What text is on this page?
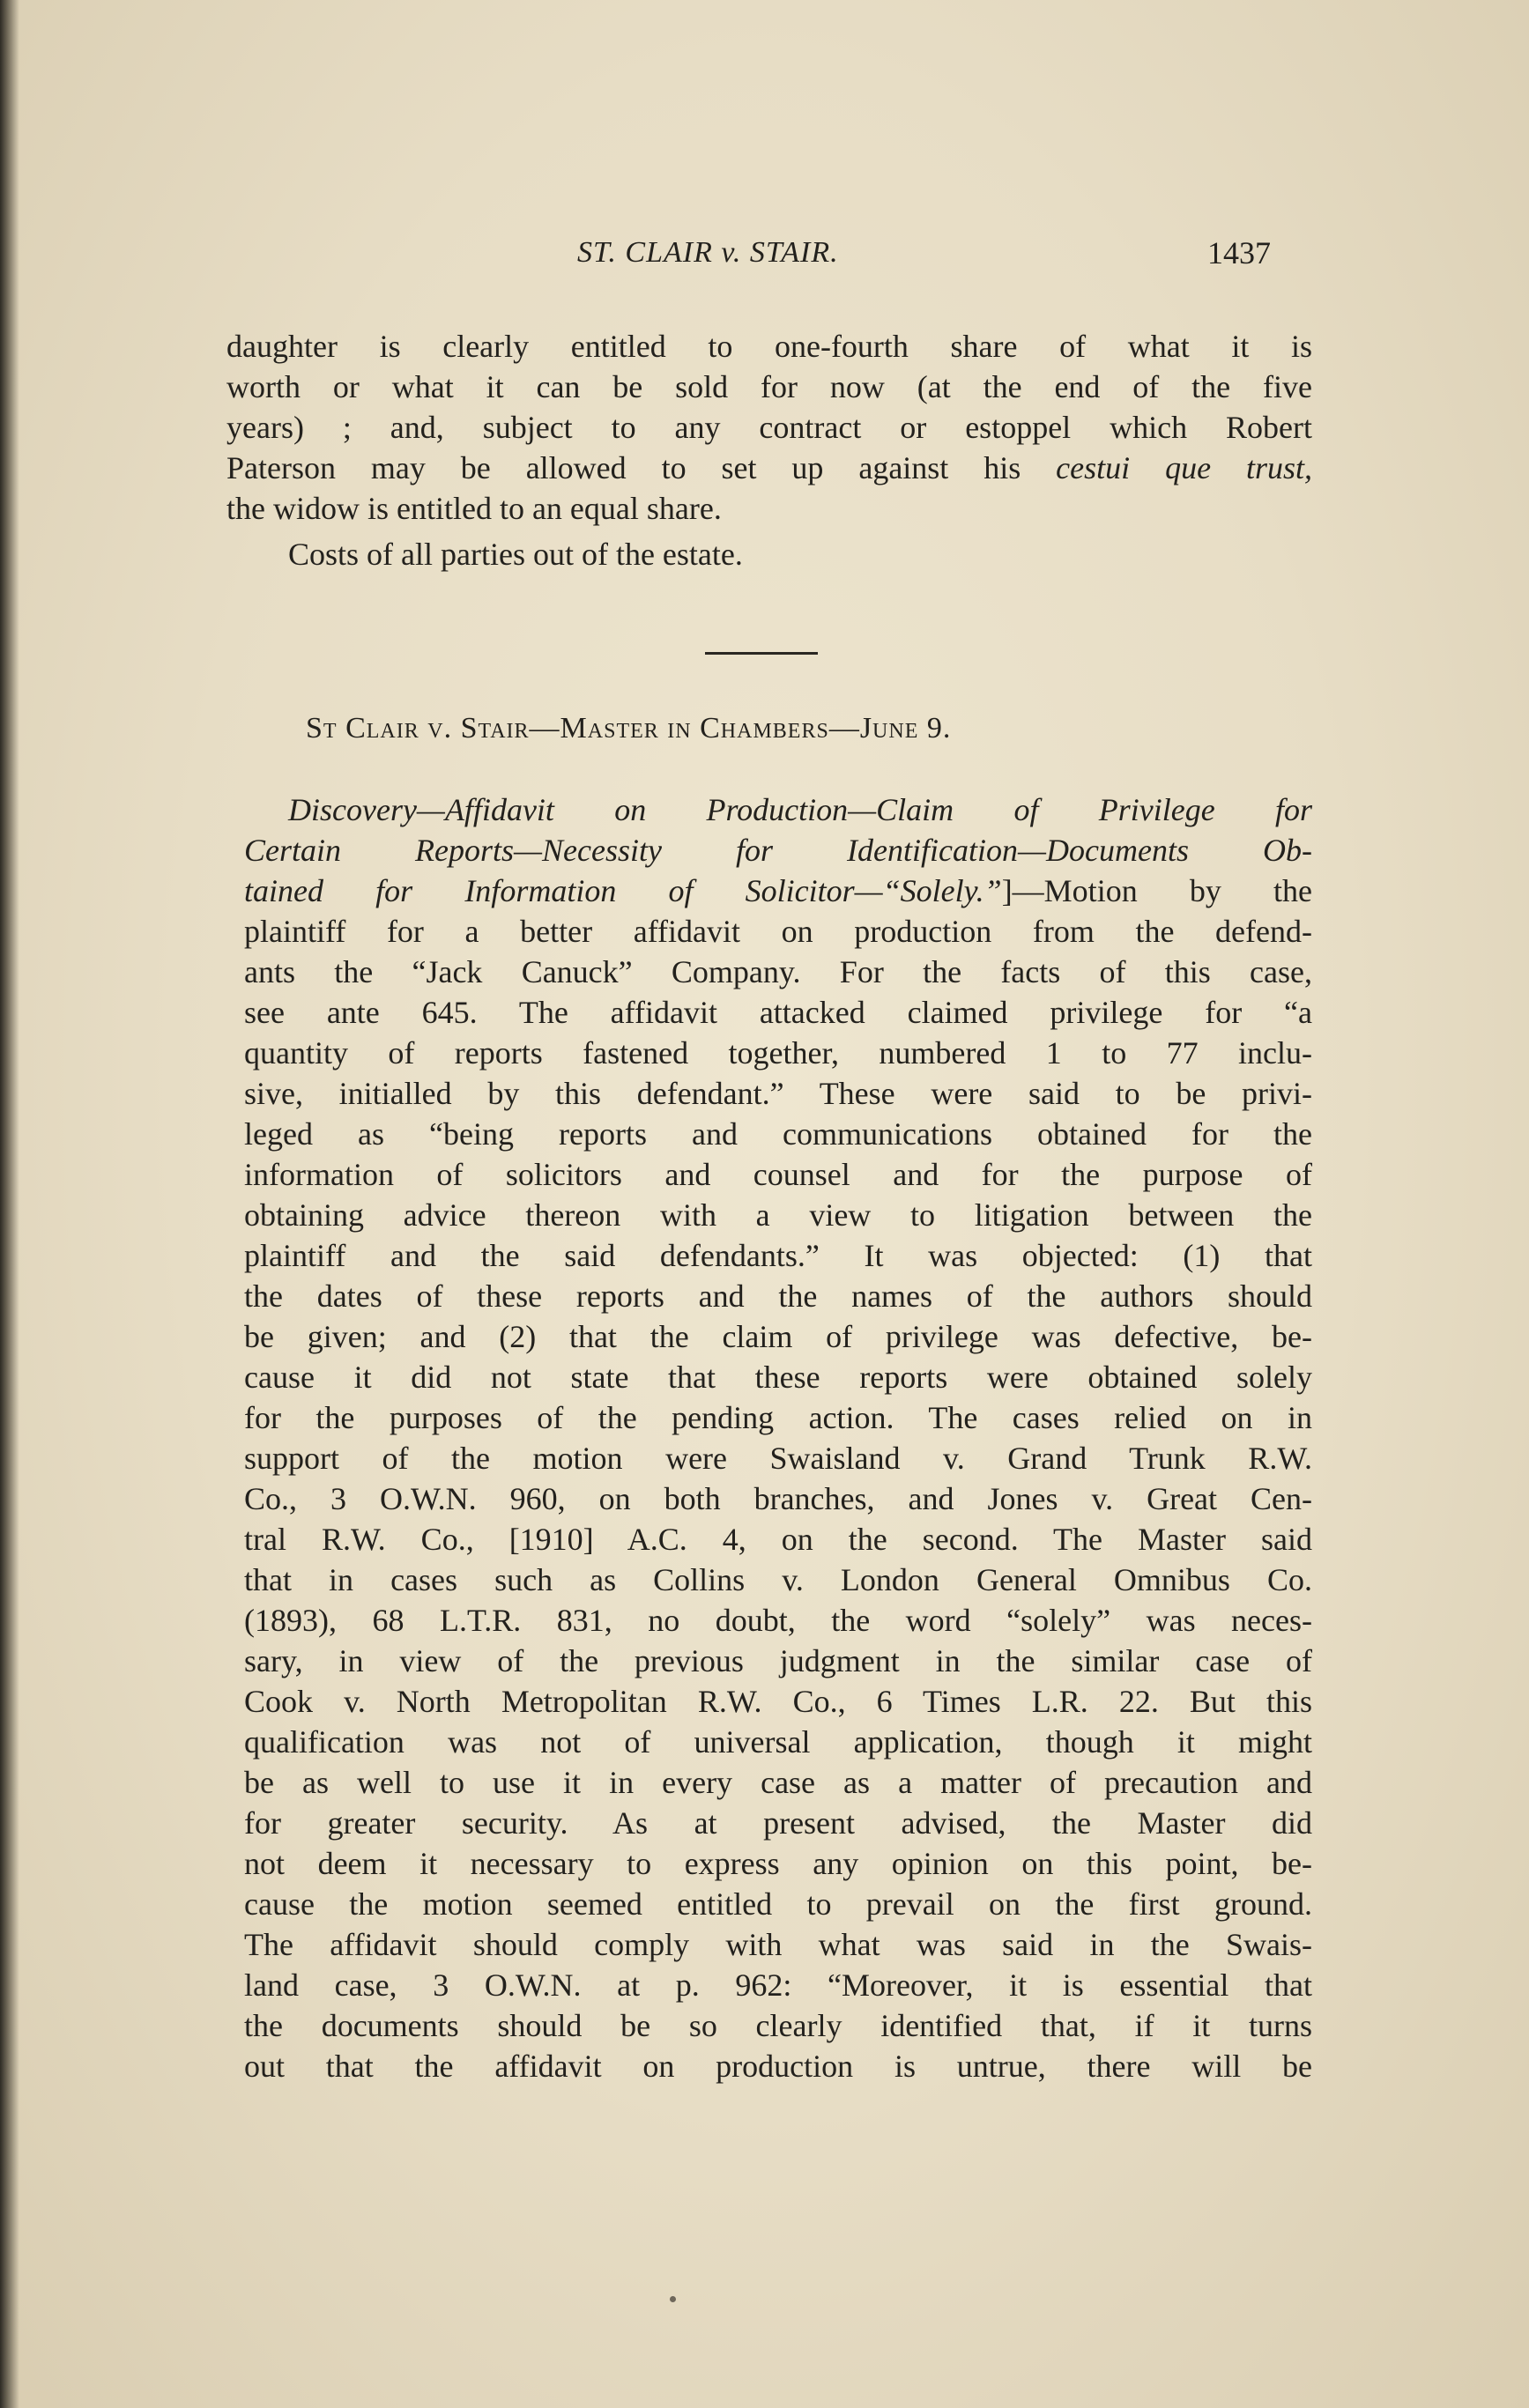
ST. CLAIR v. STAIR.	1437
daughter is clearly entitled to one-fourth share of what it is
worth or what it can be sold for now (at the end of the five
years) ; and, subject to any contract or estoppel which Robert
Paterson may be allowed to set up against his cestui que trust,
the widow is entitled to an equal share.
Costs of all parties out of the estate.
St Clair v. Stair—Master in Chambers—June 9.
Discovery—Affidavit on Production—Claim of Privilege for
Certain Reports—Necessity for Identification—Documents Ob-
tained for Information of Solicitor—“Solely.”]—Motion by the
plaintiff for a better affidavit on production from the defend-
ants the “Jack Canuck” Company. For the facts of this case,
see ante 645. The affidavit attacked claimed privilege for “a
quantity of reports fastened together, numbered 1 to 77 inclu-
sive, initialled by this defendant.” These were said to be privi-
leged as “being reports and communications obtained for the
information of solicitors and counsel and for the purpose of
obtaining advice thereon with a view to litigation between the
plaintiff and the said defendants.” It was objected: (1) that
the dates of these reports and the names of the authors should
be given; and (2) that the claim of privilege was defective, be-
cause it did not state that these reports were obtained solely
for the purposes of the pending action. The cases relied on in
support of the motion were Swaisland v. Grand Trunk R.W.
Co., 3 O.W.N. 960, on both branches, and Jones v. Great Cen-
tral R.W. Co., [1910] A.C. 4, on the second. The Master said
that in cases such as Collins v. London General Omnibus Co.
(1893), 68 L.T.R. 831, no doubt, the word “solely” was neces-
sary, in view of the previous judgment in the similar case of
Cook v. North Metropolitan R.W. Co., 6 Times L.R. 22. But this
qualification was not of universal application, though it might
be as well to use it in every case as a matter of precaution and
for greater security. As at present advised, the Master did
not deem it necessary to express any opinion on this point, be-
cause the motion seemed entitled to prevail on the first ground.
The affidavit should comply with what was said in the Swais-
land case, 3 O.W.N. at p. 962: “Moreover, it is essential that
the documents should be so clearly identified that, if it turns
out that the affidavit on production is untrue, there will be
